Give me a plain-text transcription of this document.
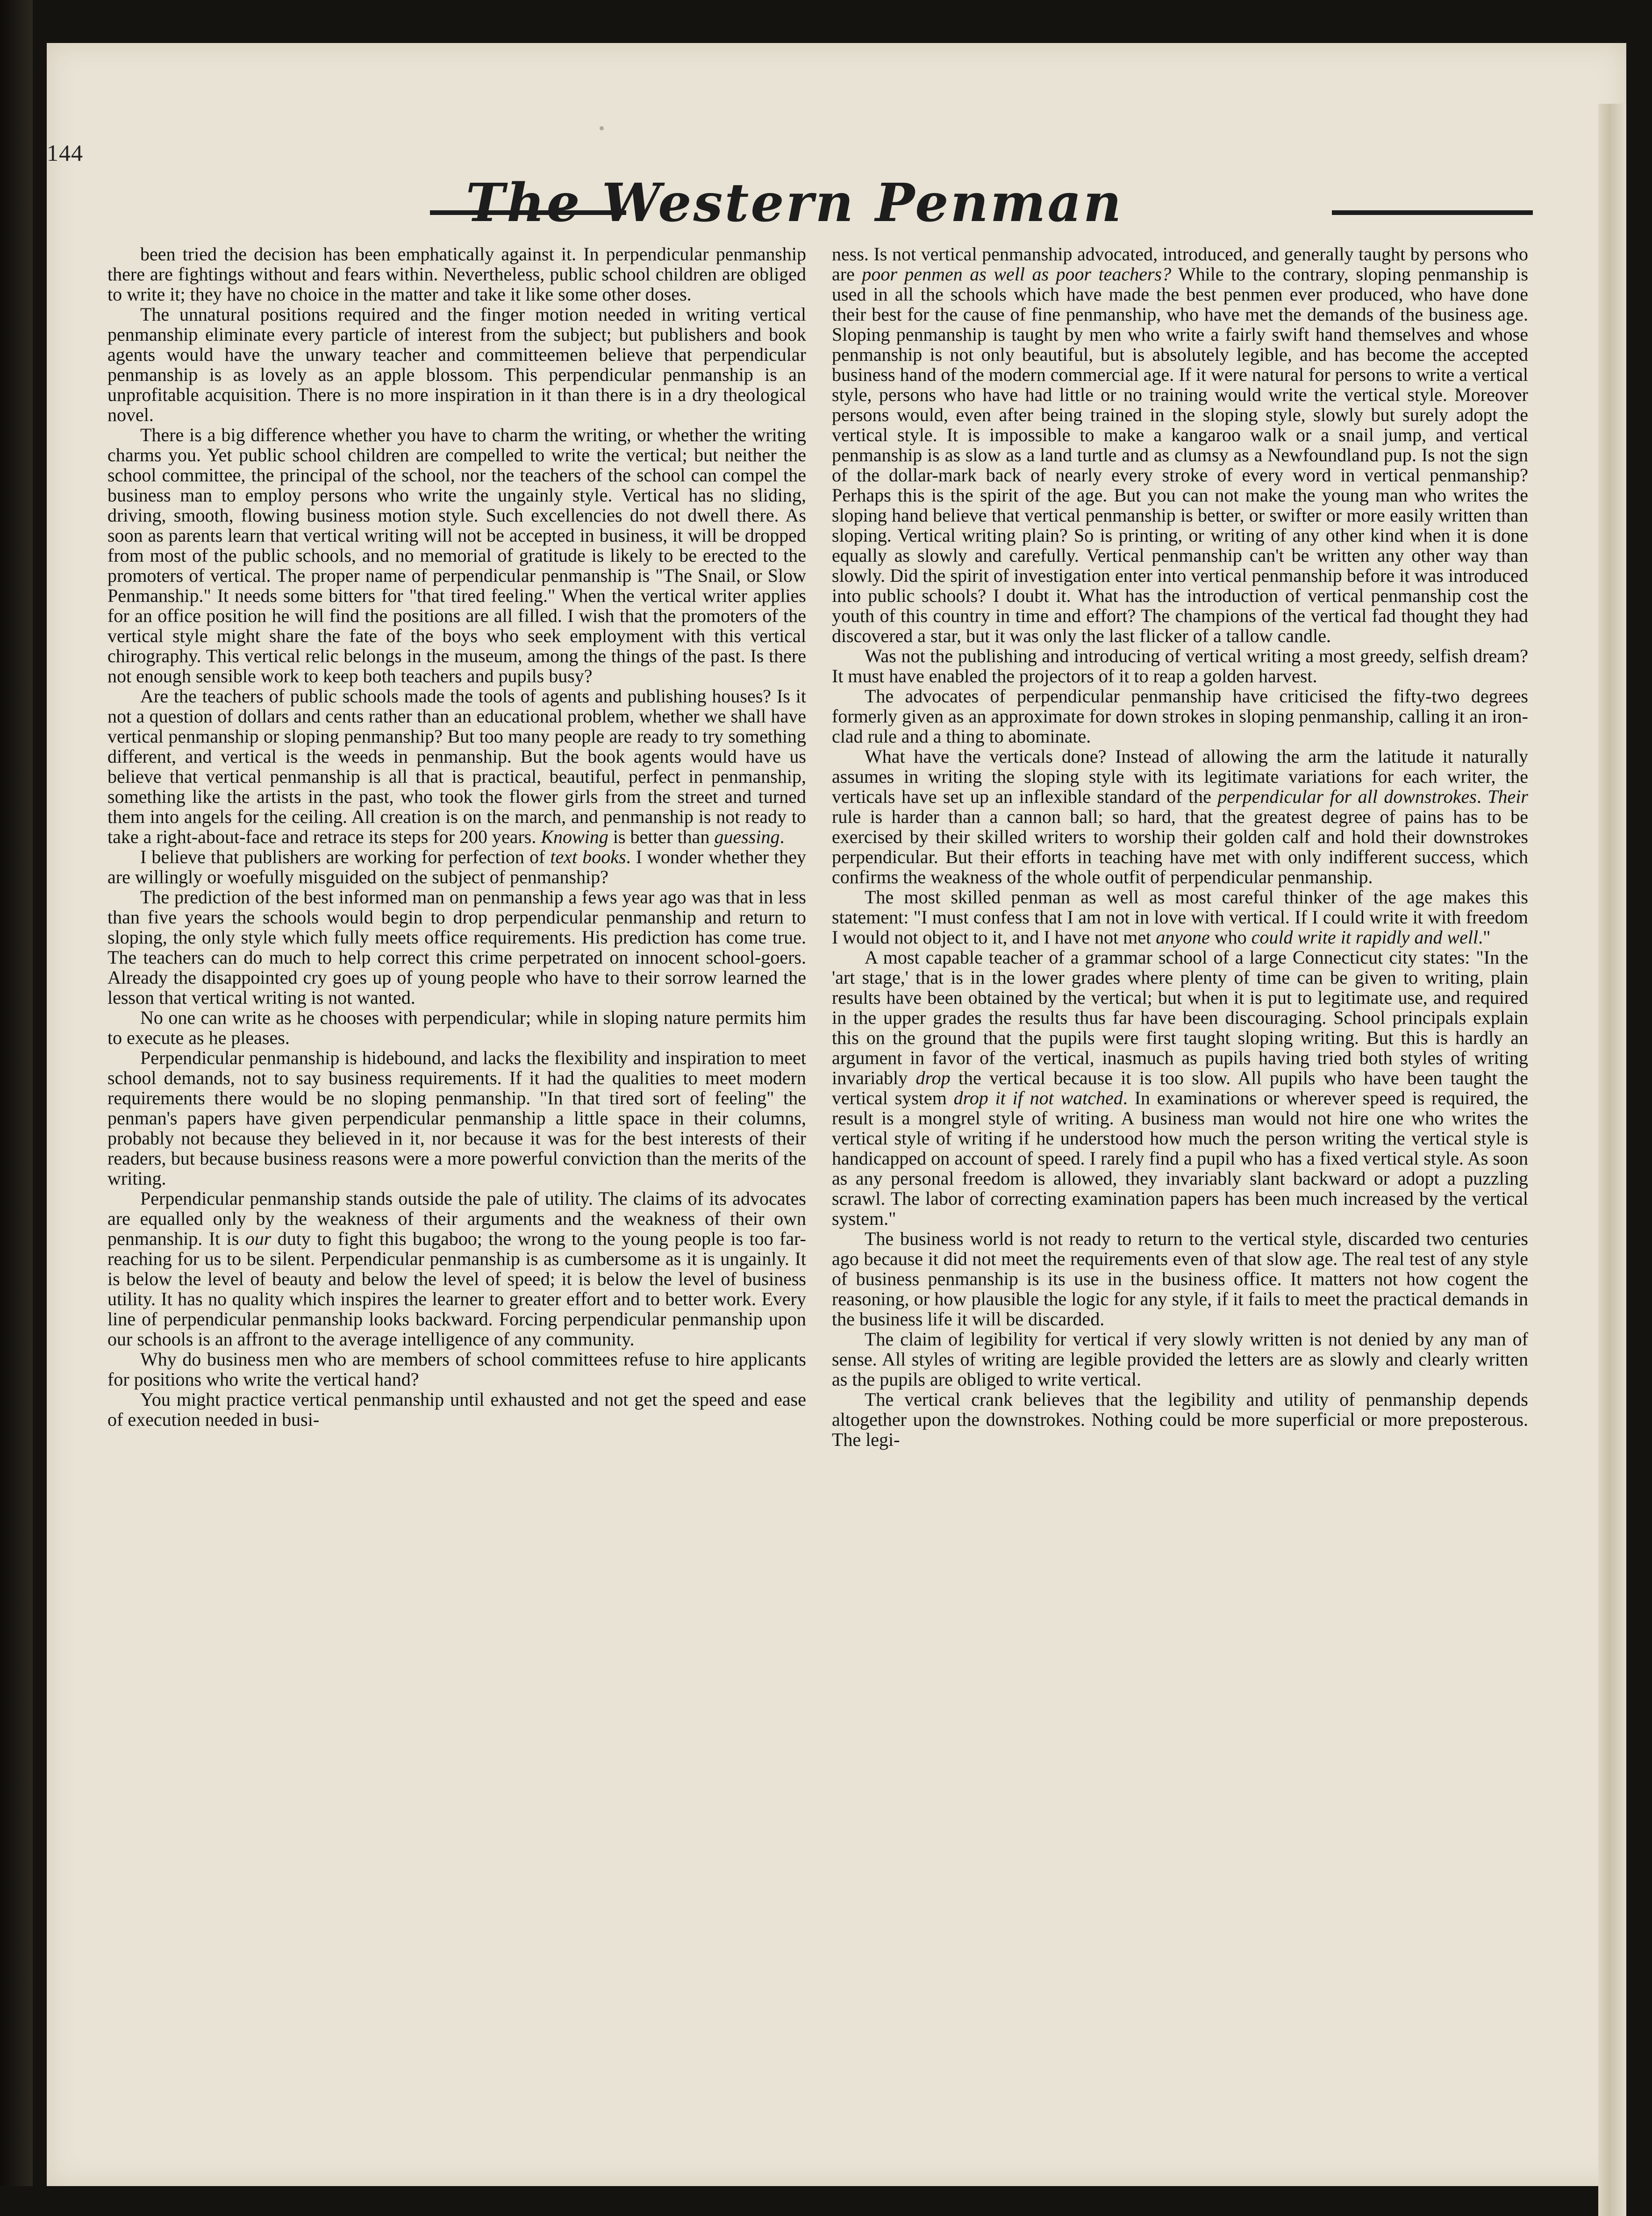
144
The Western Penman

been tried the decision has been emphatically against it. In perpendicular penmanship there are fightings without and fears within. Nevertheless, public school children are obliged to write it; they have no choice in the matter and take it like some other doses.

The unnatural positions required and the finger motion needed in writing vertical penmanship eliminate every particle of interest from the subject; but publishers and book agents would have the unwary teacher and committeemen believe that perpendicular penmanship is as lovely as an apple blossom. This perpendicular penmanship is an unprofitable acquisition. There is no more inspiration in it than there is in a dry theological novel.

There is a big difference whether you have to charm the writing, or whether the writing charms you. Yet public school children are compelled to write the vertical; but neither the school committee, the principal of the school, nor the teachers of the school can compel the business man to employ persons who write the ungainly style. Vertical has no sliding, driving, smooth, flowing business motion style. Such excellencies do not dwell there. As soon as parents learn that vertical writing will not be accepted in business, it will be dropped from most of the public schools, and no memorial of gratitude is likely to be erected to the promoters of vertical. The proper name of perpendicular penmanship is "The Snail, or Slow Penmanship." It needs some bitters for "that tired feeling." When the vertical writer applies for an office position he will find the positions are all filled. I wish that the promoters of the vertical style might share the fate of the boys who seek employment with this vertical chirography. This vertical relic belongs in the museum, among the things of the past. Is there not enough sensible work to keep both teachers and pupils busy?

Are the teachers of public schools made the tools of agents and publishing houses? Is it not a question of dollars and cents rather than an educational problem, whether we shall have vertical penmanship or sloping penmanship? But too many people are ready to try something different, and vertical is the weeds in penmanship. But the book agents would have us believe that vertical penmanship is all that is practical, beautiful, perfect in penmanship, something like the artists in the past, who took the flower girls from the street and turned them into angels for the ceiling. All creation is on the march, and penmanship is not ready to take a right-about-face and retrace its steps for 200 years. Knowing is better than guessing.

I believe that publishers are working for perfection of text books. I wonder whether they are willingly or woefully misguided on the subject of penmanship?

The prediction of the best informed man on penmanship a fews year ago was that in less than five years the schools would begin to drop perpendicular penmanship and return to sloping, the only style which fully meets office requirements. His prediction has come true. The teachers can do much to help correct this crime perpetrated on innocent school-goers. Already the disappointed cry goes up of young people who have to their sorrow learned the lesson that vertical writing is not wanted.

No one can write as he chooses with perpendicular; while in sloping nature permits him to execute as he pleases.

Perpendicular penmanship is hidebound, and lacks the flexibility and inspiration to meet school demands, not to say business requirements. If it had the qualities to meet modern requirements there would be no sloping penmanship. "In that tired sort of feeling" the penman's papers have given perpendicular penmanship a little space in their columns, probably not because they believed in it, nor because it was for the best interests of their readers, but because business reasons were a more powerful conviction than the merits of the writing.

Perpendicular penmanship stands outside the pale of utility. The claims of its advocates are equalled only by the weakness of their arguments and the weakness of their own penmanship. It is our duty to fight this bugaboo; the wrong to the young people is too far-reaching for us to be silent. Perpendicular penmanship is as cumbersome as it is ungainly. It is below the level of beauty and below the level of speed; it is below the level of business utility. It has no quality which inspires the learner to greater effort and to better work. Every line of perpendicular penmanship looks backward. Forcing perpendicular penmanship upon our schools is an affront to the average intelligence of any community.

Why do business men who are members of school committees refuse to hire applicants for positions who write the vertical hand?

You might practice vertical penmanship until exhausted and not get the speed and ease of execution needed in busi-

ness. Is not vertical penmanship advocated, introduced, and generally taught by persons who are poor penmen as well as poor teachers? While to the contrary, sloping penmanship is used in all the schools which have made the best penmen ever produced, who have done their best for the cause of fine penmanship, who have met the demands of the business age. Sloping penmanship is taught by men who write a fairly swift hand themselves and whose penmanship is not only beautiful, but is absolutely legible, and has become the accepted business hand of the modern commercial age. If it were natural for persons to write a vertical style, persons who have had little or no training would write the vertical style. Moreover persons would, even after being trained in the sloping style, slowly but surely adopt the vertical style. It is impossible to make a kangaroo walk or a snail jump, and vertical penmanship is as slow as a land turtle and as clumsy as a Newfoundland pup. Is not the sign of the dollar-mark back of nearly every stroke of every word in vertical penmanship? Perhaps this is the spirit of the age. But you can not make the young man who writes the sloping hand believe that vertical penmanship is better, or swifter or more easily written than sloping. Vertical writing plain? So is printing, or writing of any other kind when it is done equally as slowly and carefully. Vertical penmanship can't be written any other way than slowly. Did the spirit of investigation enter into vertical penmanship before it was introduced into public schools? I doubt it. What has the introduction of vertical penmanship cost the youth of this country in time and effort? The champions of the vertical fad thought they had discovered a star, but it was only the last flicker of a tallow candle.

Was not the publishing and introducing of vertical writing a most greedy, selfish dream? It must have enabled the projectors of it to reap a golden harvest.

The advocates of perpendicular penmanship have criticised the fifty-two degrees formerly given as an approximate for down strokes in sloping penmanship, calling it an iron-clad rule and a thing to abominate.

What have the verticals done? Instead of allowing the arm the latitude it naturally assumes in writing the sloping style with its legitimate variations for each writer, the verticals have set up an inflexible standard of the perpendicular for all downstrokes. Their rule is harder than a cannon ball; so hard, that the greatest degree of pains has to be exercised by their skilled writers to worship their golden calf and hold their downstrokes perpendicular. But their efforts in teaching have met with only indifferent success, which confirms the weakness of the whole outfit of perpendicular penmanship.

The most skilled penman as well as most careful thinker of the age makes this statement: "I must confess that I am not in love with vertical. If I could write it with freedom I would not object to it, and I have not met anyone who could write it rapidly and well."

A most capable teacher of a grammar school of a large Connecticut city states: "In the 'art stage,' that is in the lower grades where plenty of time can be given to writing, plain results have been obtained by the vertical; but when it is put to legitimate use, and required in the upper grades the results thus far have been discouraging. School principals explain this on the ground that the pupils were first taught sloping writing. But this is hardly an argument in favor of the vertical, inasmuch as pupils having tried both styles of writing invariably drop the vertical because it is too slow. All pupils who have been taught the vertical system drop it if not watched. In examinations or wherever speed is required, the result is a mongrel style of writing. A business man would not hire one who writes the vertical style of writing if he understood how much the person writing the vertical style is handicapped on account of speed. I rarely find a pupil who has a fixed vertical style. As soon as any personal freedom is allowed, they invariably slant backward or adopt a puzzling scrawl. The labor of correcting examination papers has been much increased by the vertical system."

The business world is not ready to return to the vertical style, discarded two centuries ago because it did not meet the requirements even of that slow age. The real test of any style of business penmanship is its use in the business office. It matters not how cogent the reasoning, or how plausible the logic for any style, if it fails to meet the practical demands in the business life it will be discarded.

The claim of legibility for vertical if very slowly written is not denied by any man of sense. All styles of writing are legible provided the letters are as slowly and clearly written as the pupils are obliged to write vertical.

The vertical crank believes that the legibility and utility of penmanship depends altogether upon the downstrokes. Nothing could be more superficial or more preposterous. The legi-
